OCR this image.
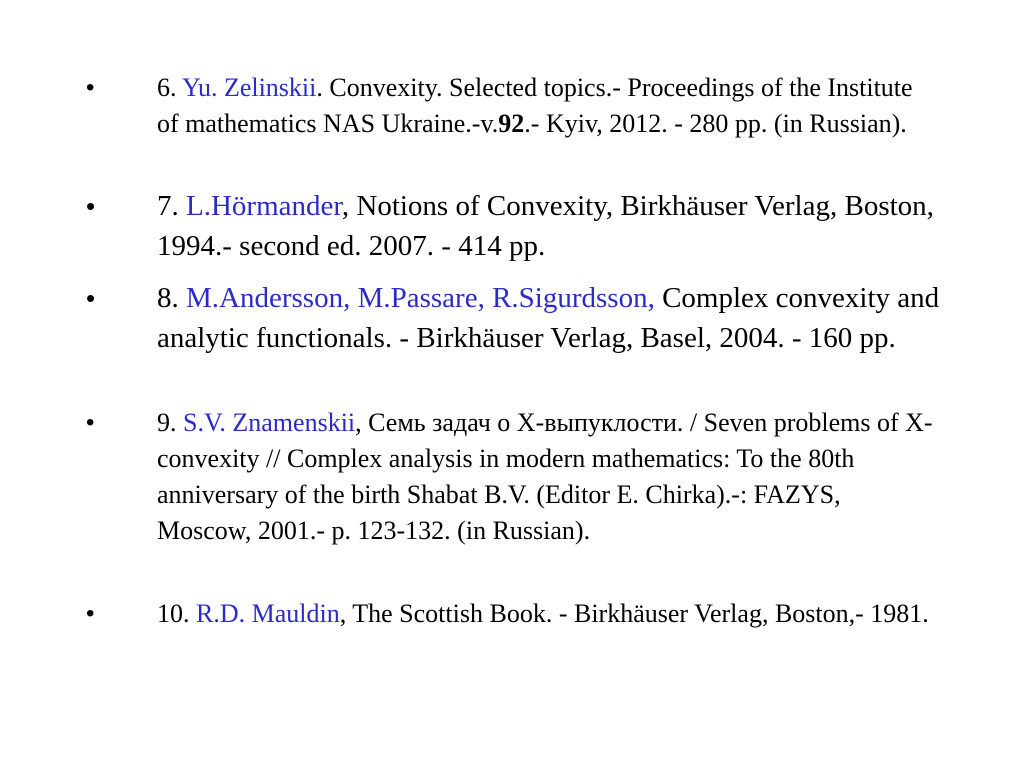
• 6. Yu. Zelinskii. Convexity. Selected topics.- Proceedings of the Institute of mathematics NAS Ukraine.-v.92.- Kyiv, 2012. - 280 pp. (in Russian).
• 7. L.Hörmander, Notions of Convexity, Birkhäuser Verlag, Boston, 1994.- second ed. 2007. - 414 pp.
• 8. M.Andersson, M.Passare, R.Sigurdsson, Complex convexity and analytic functionals. - Birkhäuser Verlag, Basel, 2004. - 160 pp.
• 9. S.V. Znamenskii, Семь задач о X-выпуклости. / Seven problems of X-convexity // Complex analysis in modern mathematics: To the 80th anniversary of the birth Shabat B.V. (Editor E. Chirka).-: FAZYS, Moscow, 2001.- p. 123-132. (in Russian).
• 10. R.D. Mauldin, The Scottish Book. - Birkhäuser Verlag, Boston,- 1981.
